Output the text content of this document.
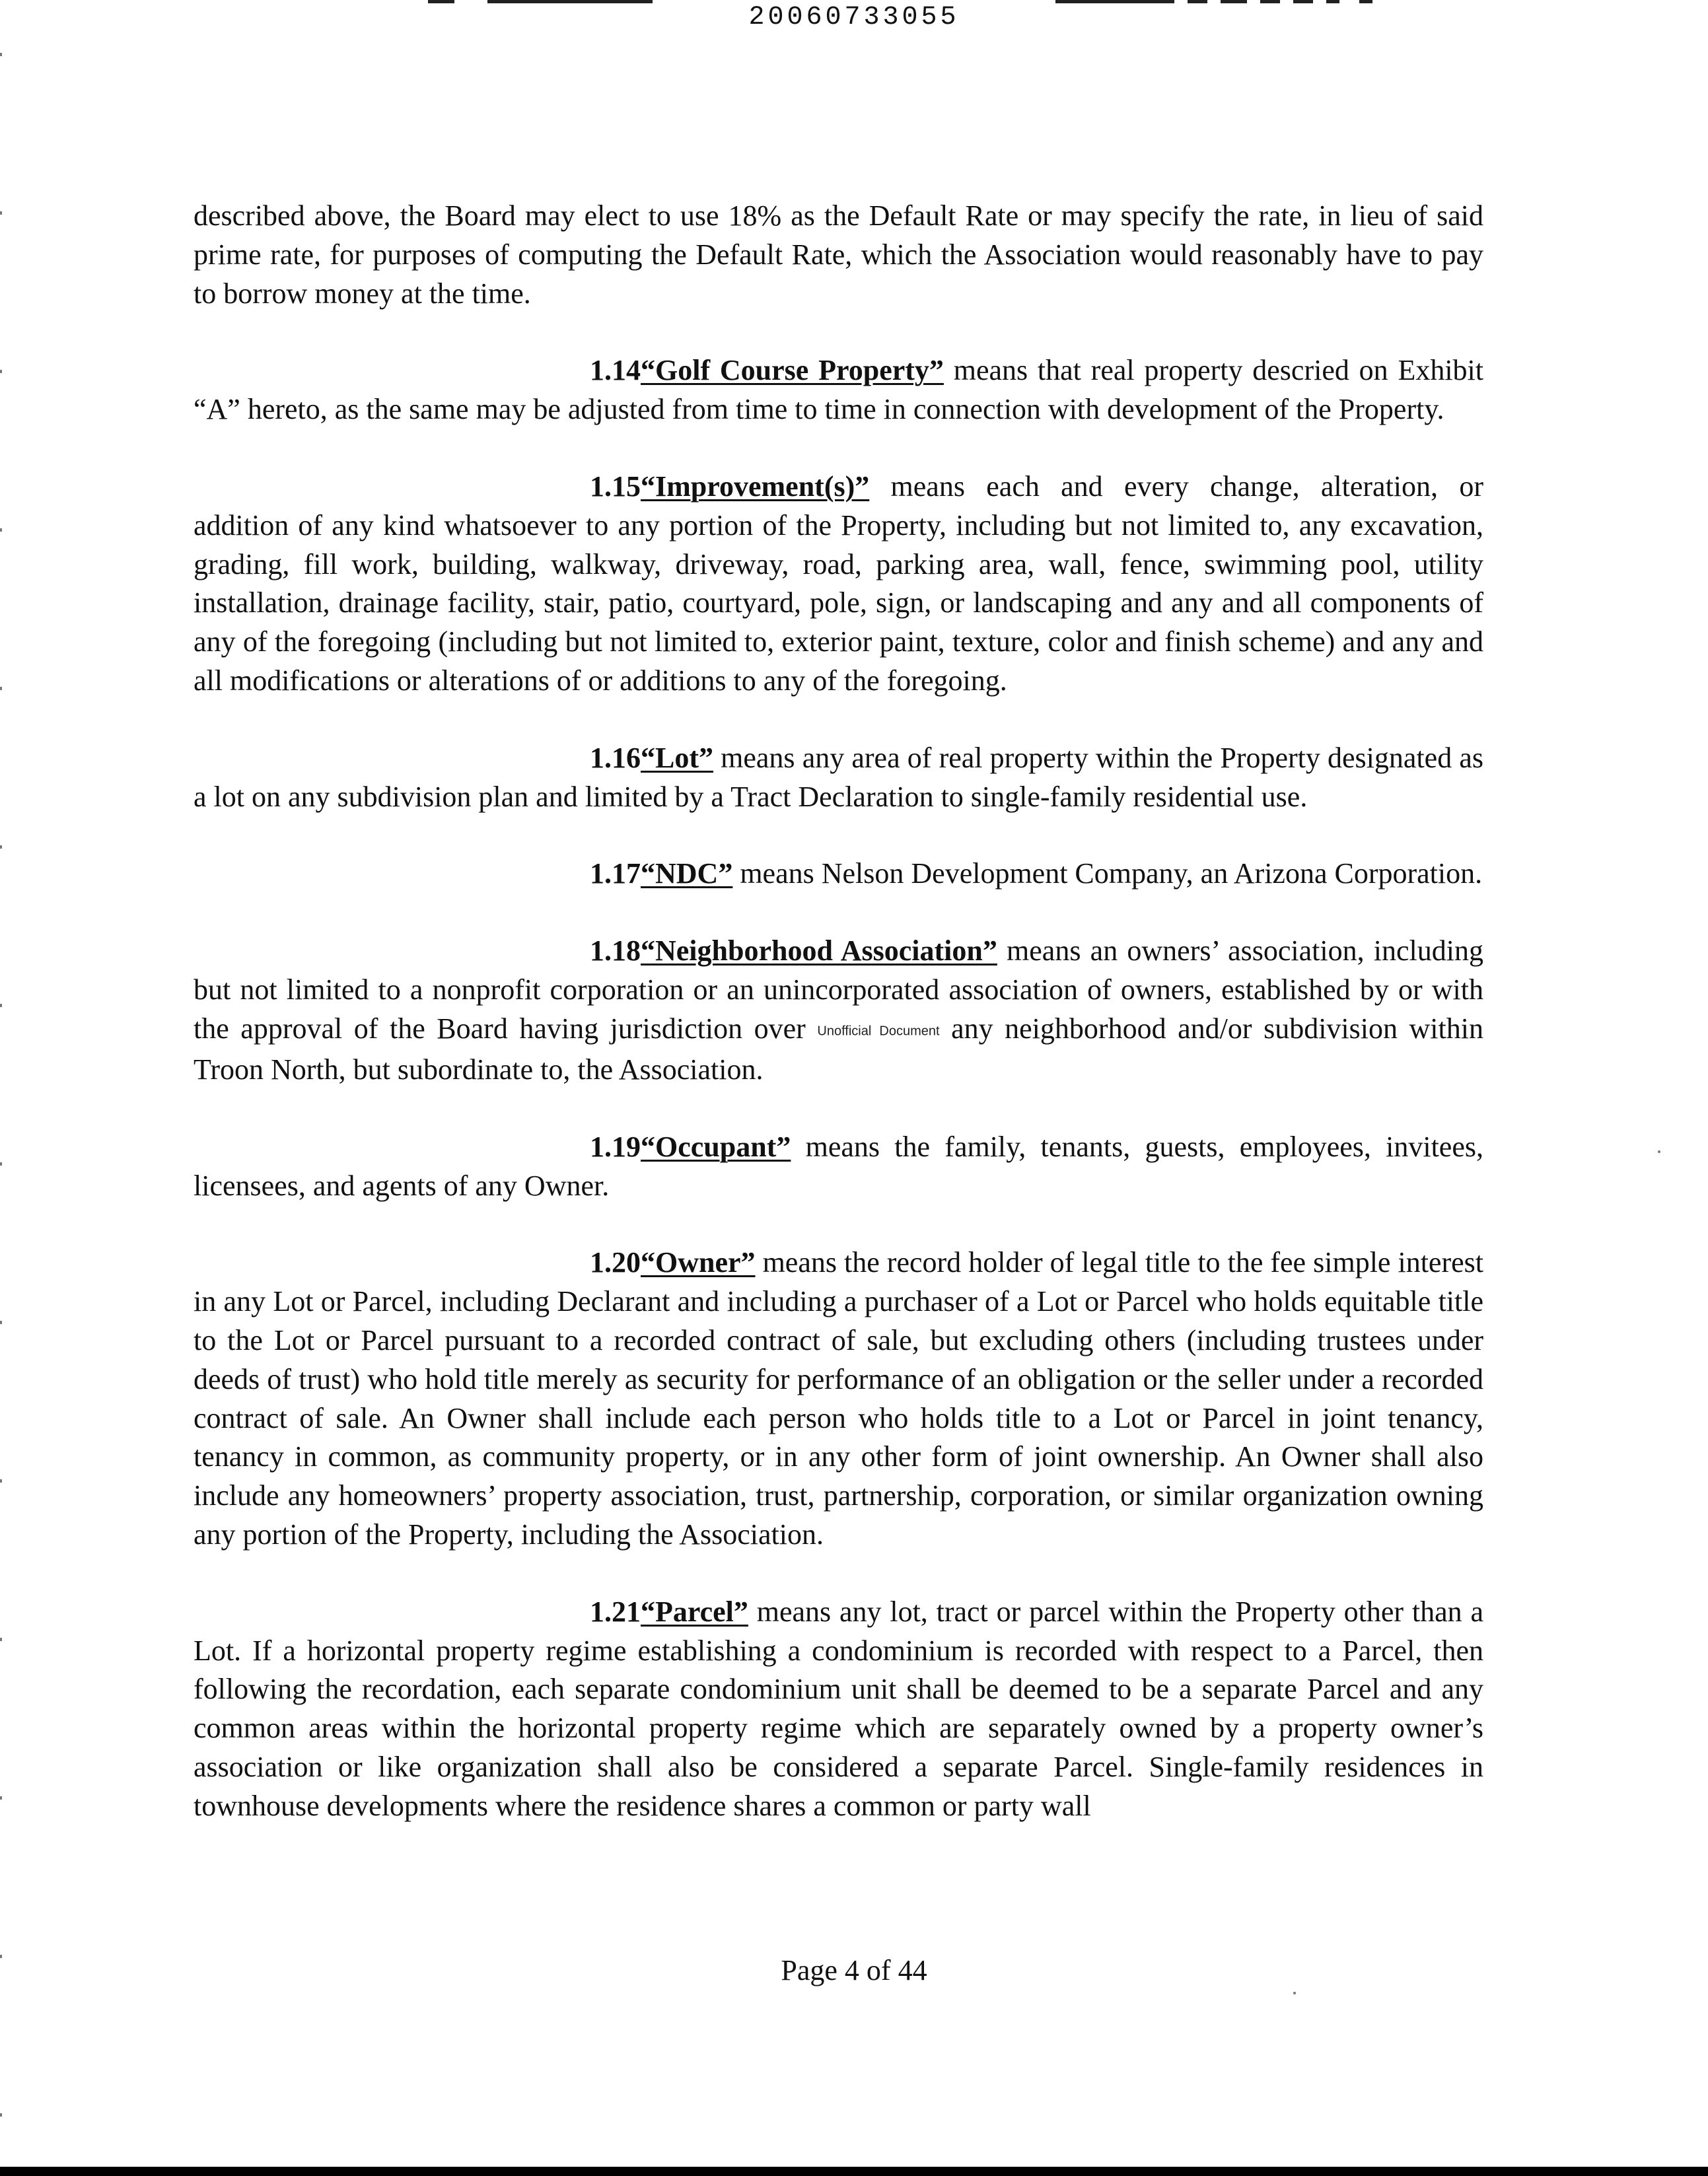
20060733055

described above, the Board may elect to use 18% as the Default Rate or may specify the rate, in lieu of said prime rate, for purposes of computing the Default Rate, which the Association would reasonably have to pay to borrow money at the time.

1.14“Golf Course Property” means that real property descried on Exhibit “A” hereto, as the same may be adjusted from time to time in connection with development of the Property.

1.15“Improvement(s)” means each and every change, alteration, or addition of any kind whatsoever to any portion of the Property, including but not limited to, any excavation, grading, fill work, building, walkway, driveway, road, parking area, wall, fence, swimming pool, utility installation, drainage facility, stair, patio, courtyard, pole, sign, or landscaping and any and all components of any of the foregoing (including but not limited to, exterior paint, texture, color and finish scheme) and any and all modifications or alterations of or additions to any of the foregoing.

1.16“Lot” means any area of real property within the Property designated as a lot on any subdivision plan and limited by a Tract Declaration to single-family residential use.

1.17“NDC” means Nelson Development Company, an Arizona Corporation.

1.18“Neighborhood Association” means an owners’ association, including but not limited to a nonprofit corporation or an unincorporated association of owners, established by or with the approval of the Board having jurisdiction over Unofficial Document any neighborhood and/or subdivision within Troon North, but subordinate to, the Association.

1.19“Occupant” means the family, tenants, guests, employees, invitees, licensees, and agents of any Owner.

1.20“Owner” means the record holder of legal title to the fee simple interest in any Lot or Parcel, including Declarant and including a purchaser of a Lot or Parcel who holds equitable title to the Lot or Parcel pursuant to a recorded contract of sale, but excluding others (including trustees under deeds of trust) who hold title merely as security for performance of an obligation or the seller under a recorded contract of sale. An Owner shall include each person who holds title to a Lot or Parcel in joint tenancy, tenancy in common, as community property, or in any other form of joint ownership. An Owner shall also include any homeowners’ property association, trust, partnership, corporation, or similar organization owning any portion of the Property, including the Association.

1.21“Parcel” means any lot, tract or parcel within the Property other than a Lot. If a horizontal property regime establishing a condominium is recorded with respect to a Parcel, then following the recordation, each separate condominium unit shall be deemed to be a separate Parcel and any common areas within the horizontal property regime which are separately owned by a property owner’s association or like organization shall also be considered a separate Parcel. Single-family residences in townhouse developments where the residence shares a common or party wall

Page 4 of 44
